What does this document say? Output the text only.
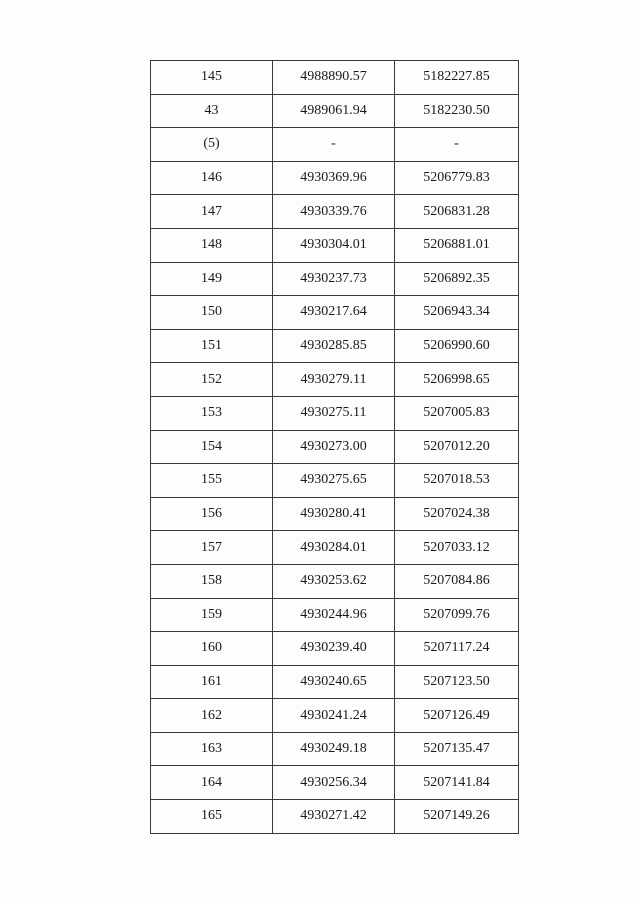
145	4988890.57	5182227.85
43	4989061.94	5182230.50
(5)	-	-
146	4930369.96	5206779.83
147	4930339.76	5206831.28
148	4930304.01	5206881.01
149	4930237.73	5206892.35
150	4930217.64	5206943.34
151	4930285.85	5206990.60
152	4930279.11	5206998.65
153	4930275.11	5207005.83
154	4930273.00	5207012.20
155	4930275.65	5207018.53
156	4930280.41	5207024.38
157	4930284.01	5207033.12
158	4930253.62	5207084.86
159	4930244.96	5207099.76
160	4930239.40	5207117.24
161	4930240.65	5207123.50
162	4930241.24	5207126.49
163	4930249.18	5207135.47
164	4930256.34	5207141.84
165	4930271.42	5207149.26
